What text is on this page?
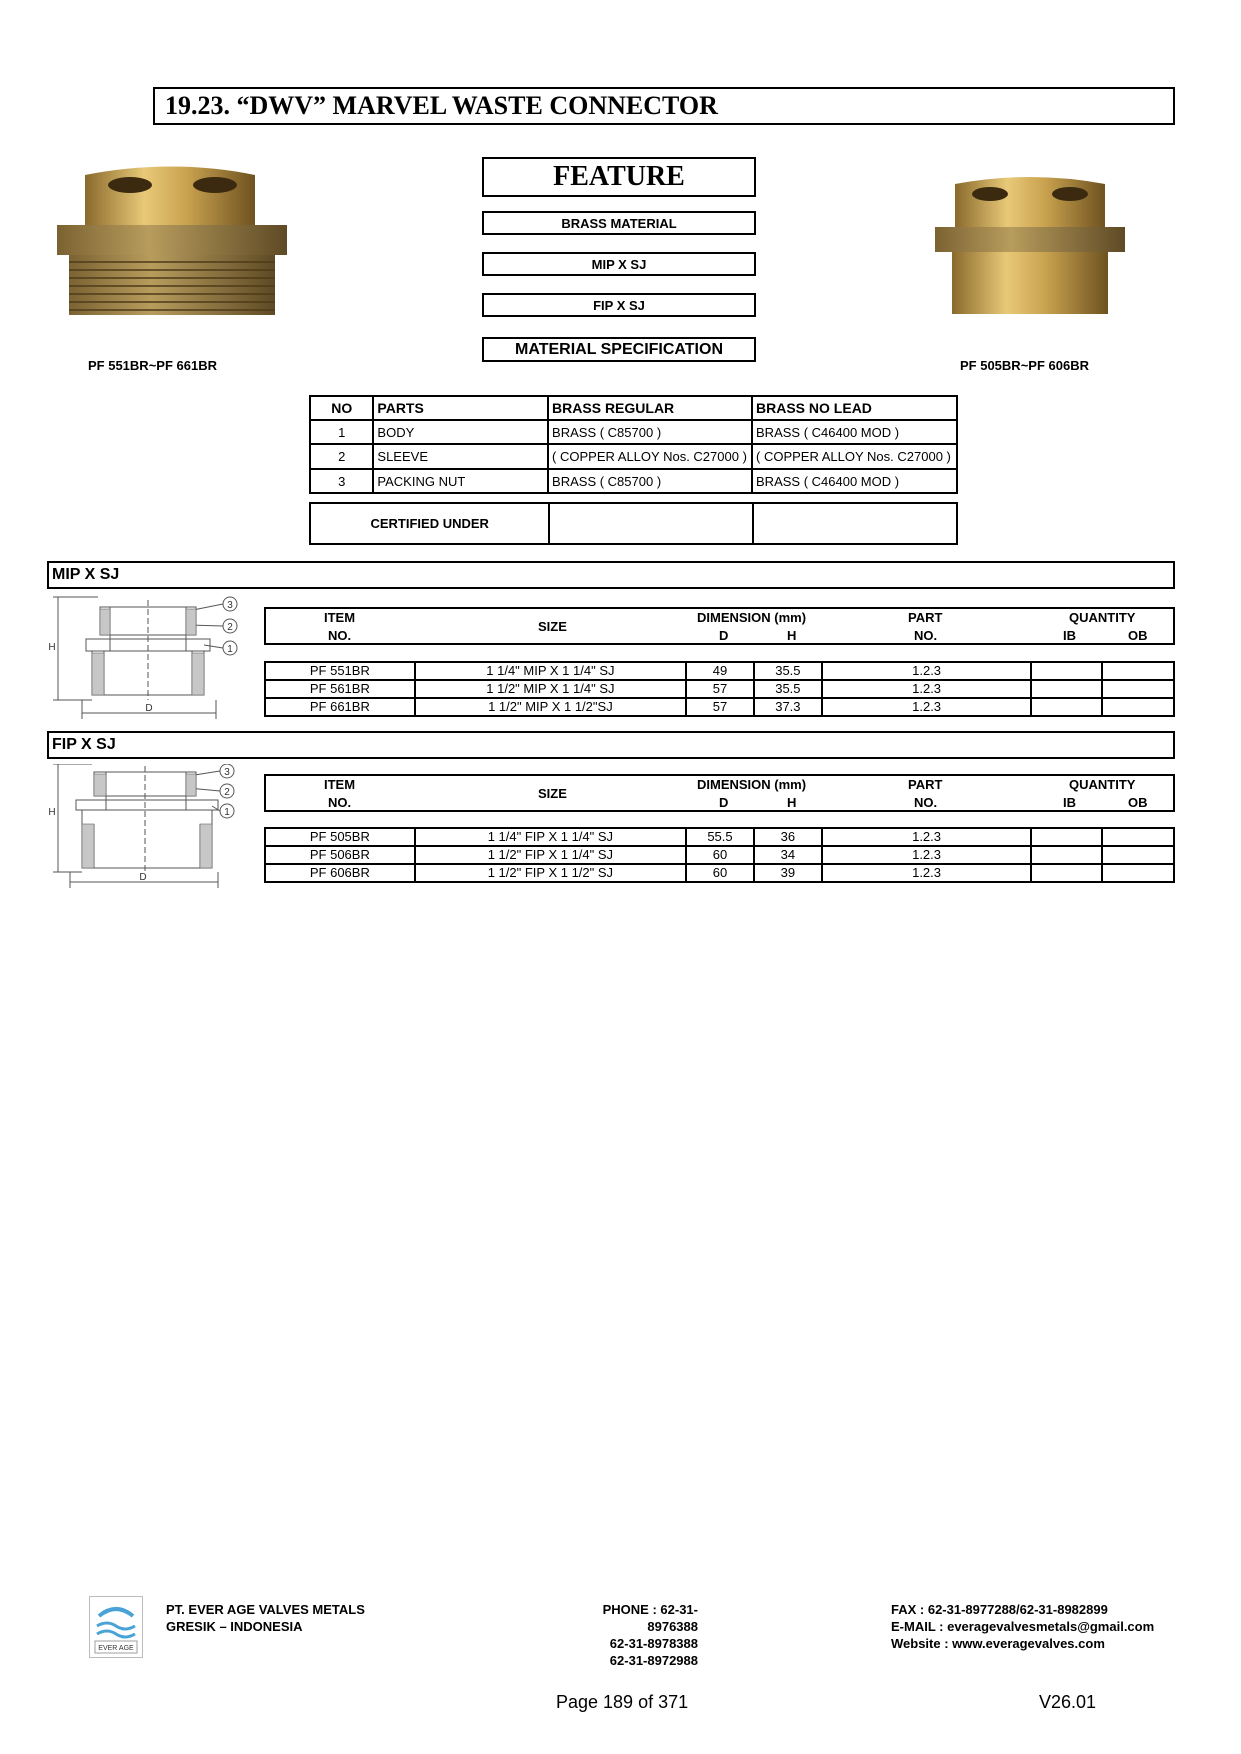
19.23. “DWV” MARVEL WASTE CONNECTOR
PF 551BR~PF 661BR	PF 505BR~PF 606BR
FEATURE
BRASS MATERIAL
MIP X SJ
FIP X SJ
MATERIAL SPECIFICATION
NO	PARTS	BRASS REGULAR	BRASS NO LEAD
1	BODY	BRASS ( C85700 )	BRASS ( C46400 MOD )
2	SLEEVE	( COPPER ALLOY Nos. C27000 )	( COPPER ALLOY Nos. C27000 )
3	PACKING NUT	BRASS ( C85700 )	BRASS ( C46400 MOD )
CERTIFIED UNDER		
MIP X SJ
3
2
1
H
D
ITEM
NO.
SIZE
DIMENSION (mm)
D	H
PART
NO.
QUANTITY
IB	OB
PF 551BR	1 1/4" MIP X 1 1/4" SJ	49	35.5	1.2.3		
PF 561BR	1 1/2" MIP X 1 1/4" SJ	57	35.5	1.2.3		
PF 661BR	1 1/2" MIP X 1 1/2"SJ	57	37.3	1.2.3		
FIP X SJ
3
2
1
H
D
ITEM
NO.
SIZE
DIMENSION (mm)
D	H
PART
NO.
QUANTITY
IB	OB
PF 505BR	1 1/4" FIP X 1 1/4" SJ	55.5	36	1.2.3		
PF 506BR	1 1/2" FIP X 1 1/4" SJ	60	34	1.2.3		
PF 606BR	1 1/2" FIP X 1 1/2" SJ	60	39	1.2.3		
EVER AGE
PT. EVER AGE VALVES METALS
GRESIK – INDONESIA
PHONE : 62-31-8976388
62-31-8978388
62-31-8972988
FAX : 62-31-8977288/62-31-8982899
E-MAIL : everagevalvesmetals@gmail.com
Website : www.everagevalves.com
Page 189 of 371	V26.01
